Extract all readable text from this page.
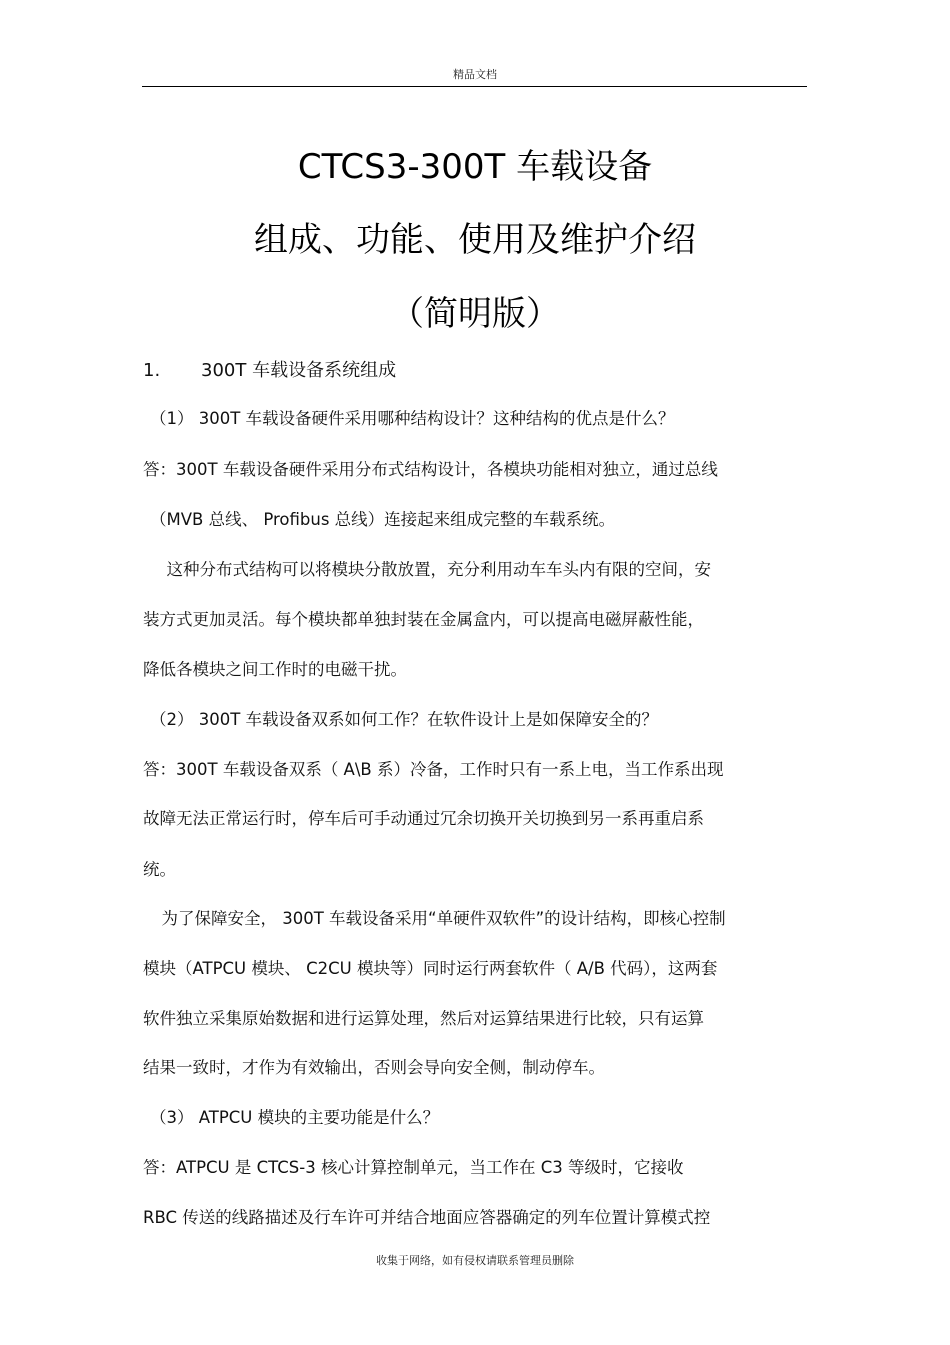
精品文档
CTCS3-300T 车载设备
组成、功能、使用及维护介绍
（简明版）
1. 300T 车载设备系统组成
（1） 300T 车载设备硬件采用哪种结构设计？这种结构的优点是什么？
答：300T 车载设备硬件采用分布式结构设计，各模块功能相对独立，通过总线
（MVB 总线、 Profibus 总线）连接起来组成完整的车载系统。
　这种分布式结构可以将模块分散放置，充分利用动车车头内有限的空间，安
装方式更加灵活。每个模块都单独封装在金属盒内，可以提高电磁屏蔽性能，
降低各模块之间工作时的电磁干扰。
（2） 300T 车载设备双系如何工作？在软件设计上是如保障安全的？
答：300T 车载设备双系（ A\B 系）冷备，工作时只有一系上电，当工作系出现
故障无法正常运行时，停车后可手动通过冗余切换开关切换到另一系再重启系
统。
　为了保障安全， 300T 车载设备采用“单硬件双软件”的设计结构，即核心控制
模块（ATPCU 模块、 C2CU 模块等）同时运行两套软件（ A/B 代码），这两套
软件独立采集原始数据和进行运算处理，然后对运算结果进行比较，只有运算
结果一致时，才作为有效输出，否则会导向安全侧，制动停车。
（3） ATPCU 模块的主要功能是什么？
答：ATPCU 是 CTCS-3 核心计算控制单元，当工作在 C3 等级时，它接收
RBC 传送的线路描述及行车许可并结合地面应答器确定的列车位置计算模式控
收集于网络，如有侵权请联系管理员删除
